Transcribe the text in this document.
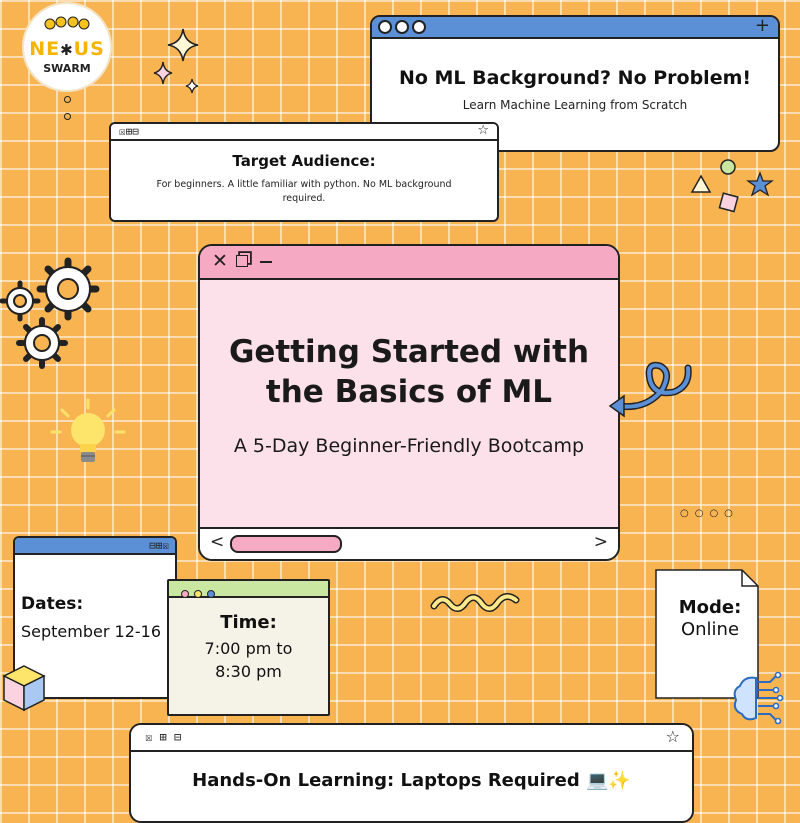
NE✱US
SWARM
+
No ML Background? No Problem!
Learn Machine Learning from Scratch
☒⊞⊟	☆
Target Audience:
For beginners. A little familiar with python. No ML background required.
✕
Getting Started with
the Basics of ML
A 5-Day Beginner-Friendly Bootcamp
<	>
○○○○
⊟⊞☒
Dates:
September 12-16
	Time:
7:00 pm to
8:30 pm
Mode:
Online
☒ ⊞ ⊟	☆
Hands-On Learning: Laptops Required 💻✨
